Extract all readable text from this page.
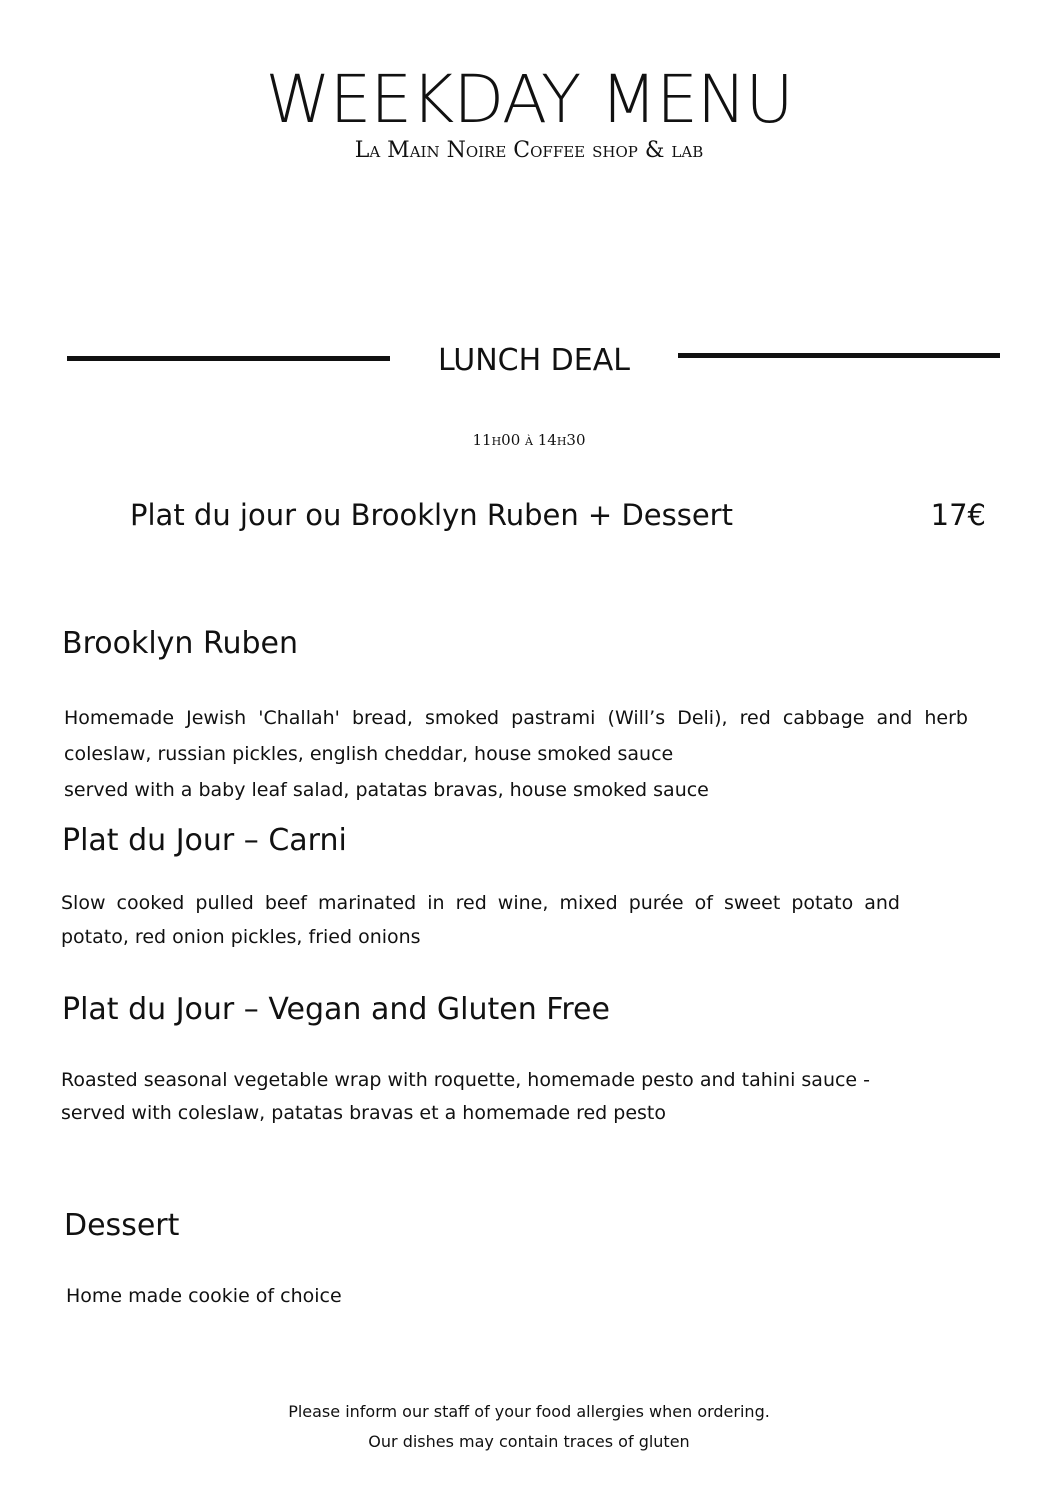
WEEKDAY MENU
La Main Noire Coffee shop & lab
LUNCH DEAL
11h00 à 14h30
Plat du jour ou Brooklyn Ruben + Dessert	17€
Brooklyn Ruben
Homemade Jewish 'Challah' bread, smoked pastrami (Will’s Deli), red cabbage and herb
coleslaw, russian pickles, english cheddar, house smoked sauce
served with a baby leaf salad, patatas bravas, house smoked sauce
Plat du Jour – Carni
Slow cooked pulled beef marinated in red wine, mixed purée of sweet potato and
potato, red onion pickles, fried onions
Plat du Jour – Vegan and Gluten Free
Roasted seasonal vegetable wrap with roquette, homemade pesto and tahini sauce -
served with coleslaw, patatas bravas et a homemade red pesto
Dessert
Home made cookie of choice
Please inform our staff of your food allergies when ordering.
Our dishes may contain traces of gluten
